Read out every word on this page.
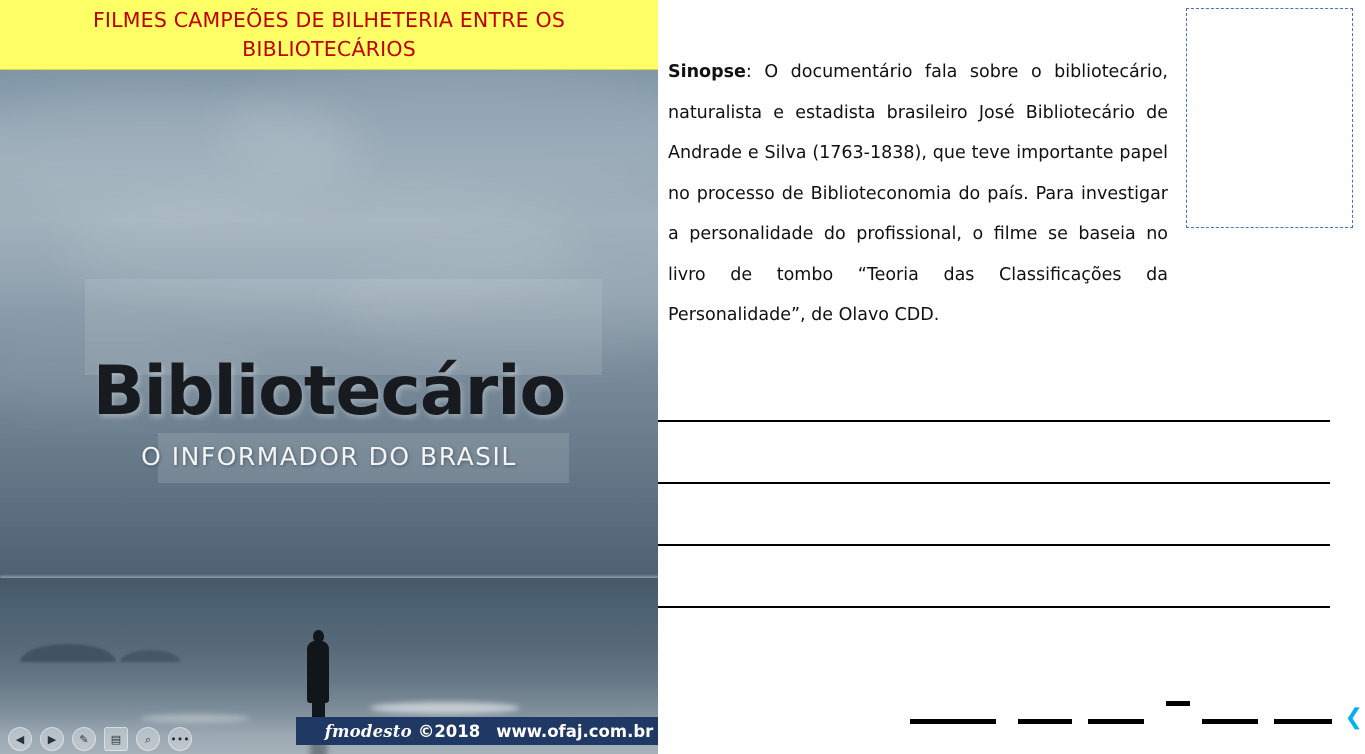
FILMES CAMPEÕES DE BILHETERIA ENTRE OS BIBLIOTECÁRIOS
Bibliotecário
O INFORMADOR DO BRASIL
fmodesto ©2018 www.ofaj.com.br
◀	▶	✎	▤	⌕	•••
Sinopse: O documentário fala sobre o bibliotecário, naturalista e estadista brasileiro José Bibliotecário de Andrade e Silva (1763-1838), que teve importante papel no processo de Biblioteconomia do país. Para investigar a personalidade do profissional, o filme se baseia no livro de tombo “Teoria das Classificações da Personalidade”, de Olavo CDD.
❮
